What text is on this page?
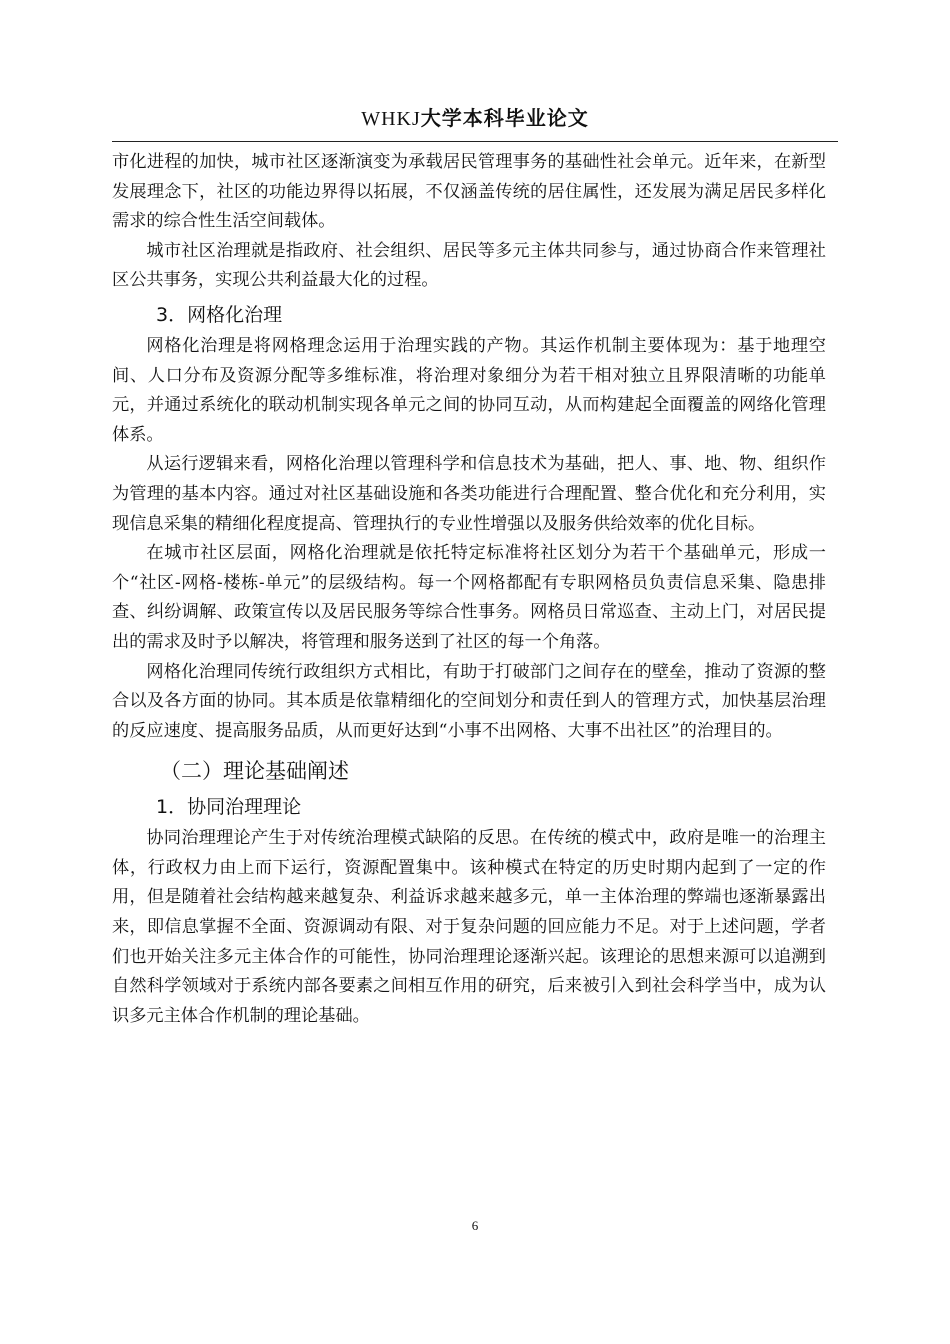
WHKJ大学本科毕业论文

市化进程的加快，城市社区逐渐演变为承载居民管理事务的基础性社会单元。近年来，在新型发展理念下，社区的功能边界得以拓展，不仅涵盖传统的居住属性，还发展为满足居民多样化需求的综合性生活空间载体。

城市社区治理就是指政府、社会组织、居民等多元主体共同参与，通过协商合作来管理社区公共事务，实现公共利益最大化的过程。

3．网格化治理

网格化治理是将网格理念运用于治理实践的产物。其运作机制主要体现为：基于地理空间、人口分布及资源分配等多维标准，将治理对象细分为若干相对独立且界限清晰的功能单元，并通过系统化的联动机制实现各单元之间的协同互动，从而构建起全面覆盖的网络化管理体系。

从运行逻辑来看，网格化治理以管理科学和信息技术为基础，把人、事、地、物、组织作为管理的基本内容。通过对社区基础设施和各类功能进行合理配置、整合优化和充分利用，实现信息采集的精细化程度提高、管理执行的专业性增强以及服务供给效率的优化目标。

在城市社区层面，网格化治理就是依托特定标准将社区划分为若干个基础单元，形成一个“社区-网格-楼栋-单元”的层级结构。每一个网格都配有专职网格员负责信息采集、隐患排查、纠纷调解、政策宣传以及居民服务等综合性事务。网格员日常巡查、主动上门，对居民提出的需求及时予以解决，将管理和服务送到了社区的每一个角落。

网格化治理同传统行政组织方式相比，有助于打破部门之间存在的壁垒，推动了资源的整合以及各方面的协同。其本质是依靠精细化的空间划分和责任到人的管理方式，加快基层治理的反应速度、提高服务品质，从而更好达到“小事不出网格、大事不出社区”的治理目的。

（二）理论基础阐述
1．协同治理理论

协同治理理论产生于对传统治理模式缺陷的反思。在传统的模式中，政府是唯一的治理主体，行政权力由上而下运行，资源配置集中。该种模式在特定的历史时期内起到了一定的作用，但是随着社会结构越来越复杂、利益诉求越来越多元，单一主体治理的弊端也逐渐暴露出来，即信息掌握不全面、资源调动有限、对于复杂问题的回应能力不足。对于上述问题，学者们也开始关注多元主体合作的可能性，协同治理理论逐渐兴起。该理论的思想来源可以追溯到自然科学领域对于系统内部各要素之间相互作用的研究，后来被引入到社会科学当中，成为认识多元主体合作机制的理论基础。

6
